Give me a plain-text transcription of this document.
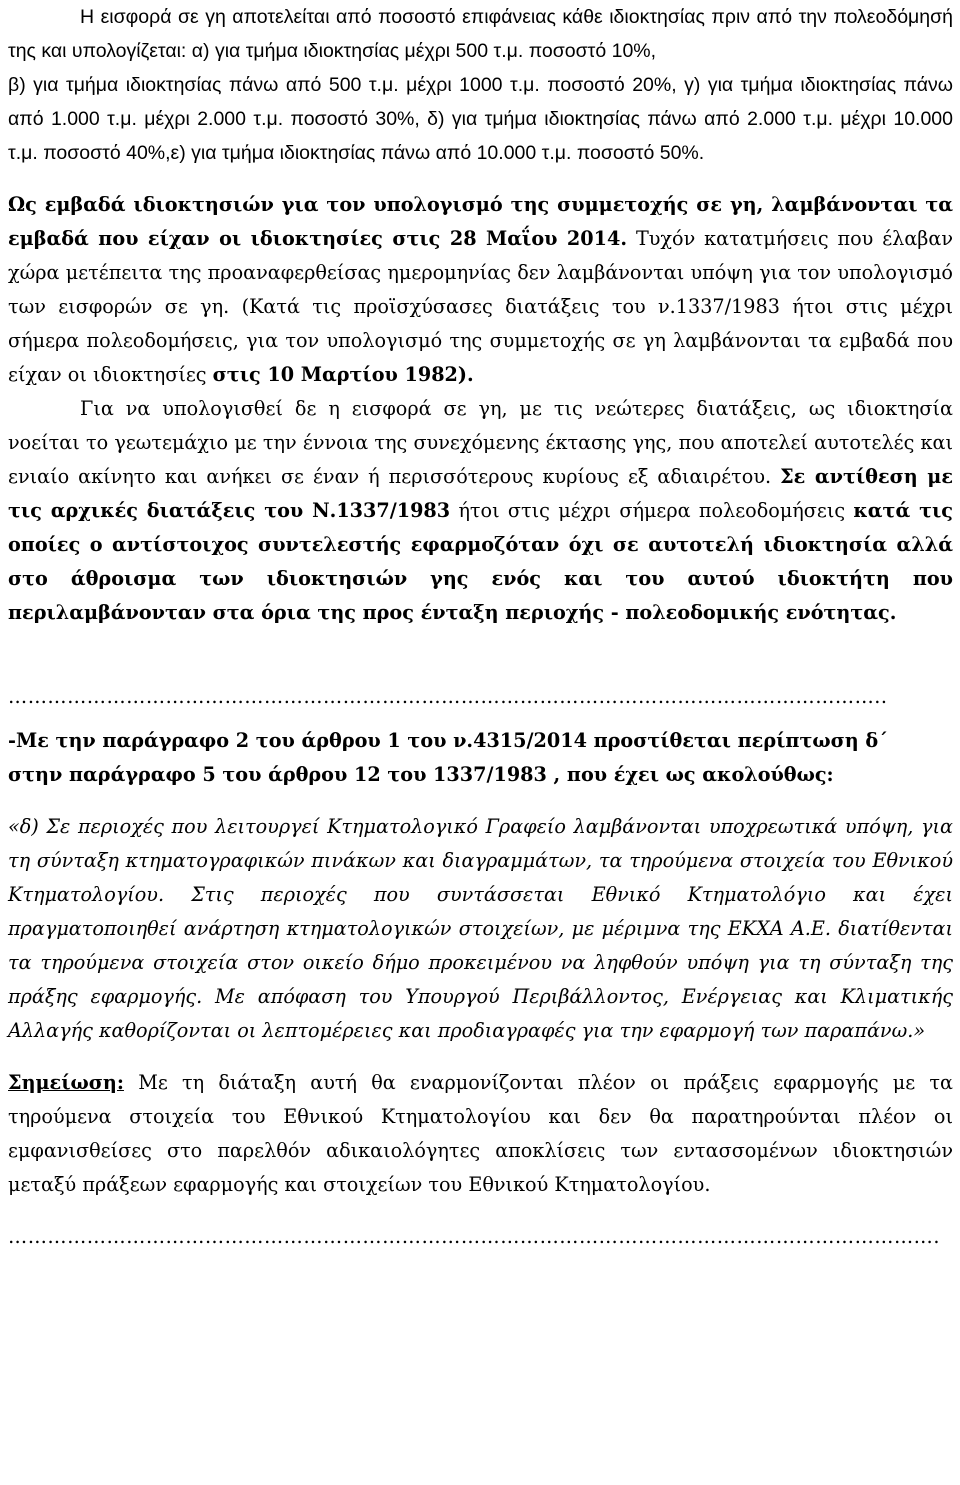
Η εισφορά σε γη αποτελείται από ποσοστό επιφάνειας κάθε ιδιοκτησίας πριν από την πολεοδόμησή της και υπολογίζεται: α) για τμήμα ιδιοκτησίας μέχρι 500 τ.μ. ποσοστό 10%,
β) για τμήμα ιδιοκτησίας πάνω από 500 τ.μ. μέχρι 1000 τ.μ. ποσοστό 20%, γ) για τμήμα ιδιοκτησίας πάνω από 1.000 τ.μ. μέχρι 2.000 τ.μ. ποσοστό 30%, δ) για τμήμα ιδιοκτησίας πάνω από 2.000 τ.μ. μέχρι 10.000 τ.μ. ποσοστό 40%,ε) για τμήμα ιδιοκτησίας πάνω από 10.000 τ.μ. ποσοστό 50%.

Ως εμβαδά ιδιοκτησιών για τον υπολογισμό της συμμετοχής σε γη, λαμβάνονται τα εμβαδά που είχαν οι ιδιοκτησίες στις 28 Μαΐου 2014. Τυχόν κατατμήσεις που έλαβαν χώρα μετέπειτα της προαναφερθείσας ημερομηνίας δεν λαμβάνονται υπόψη για τον υπολογισμό των εισφορών σε γη. (Κατά τις προϊσχύσασες διατάξεις του ν.1337/1983 ήτοι στις μέχρι σήμερα πολεοδομήσεις, για τον υπολογισμό της συμμετοχής σε γη λαμβάνονται τα εμβαδά που είχαν οι ιδιοκτησίες στις 10 Μαρτίου 1982).

Για να υπολογισθεί δε η εισφορά σε γη, με τις νεώτερες διατάξεις, ως ιδιοκτησία νοείται το γεωτεμάχιο με την έννοια της συνεχόμενης έκτασης γης, που αποτελεί αυτοτελές και ενιαίο ακίνητο και ανήκει σε έναν ή περισσότερους κυρίους εξ αδιαιρέτου. Σε αντίθεση με τις αρχικές διατάξεις του Ν.1337/1983 ήτοι στις μέχρι σήμερα πολεοδομήσεις κατά τις οποίες ο αντίστοιχος συντελεστής εφαρμοζόταν όχι σε αυτοτελή ιδιοκτησία αλλά στο άθροισμα των ιδιοκτησιών γης ενός και του αυτού ιδιοκτήτη που περιλαμβάνονταν στα όρια της προς ένταξη περιοχής - πολεοδομικής ενότητας.

……………………………………………………………………………………………………………………..

-Με την παράγραφο 2 του άρθρου 1 του ν.4315/2014 προστίθεται περίπτωση δ΄
στην παράγραφο 5 του άρθρου 12 του 1337/1983 , που έχει ως ακολούθως:

«δ) Σε περιοχές που λειτουργεί Κτηματολογικό Γραφείο λαμβάνονται υποχρεωτικά υπόψη, για τη σύνταξη κτηματογραφικών πινάκων και διαγραμμάτων, τα τηρούμενα στοιχεία του Εθνικού Κτηματολογίου. Στις περιοχές που συντάσσεται Εθνικό Κτηματολόγιο και έχει πραγματοποιηθεί ανάρτηση κτηματολογικών στοιχείων, με μέριμνα της ΕΚΧΑ Α.Ε. διατίθενται τα τηρούμενα στοιχεία στον οικείο δήμο προκειμένου να ληφθούν υπόψη για τη σύνταξη της πράξης εφαρμογής. Με απόφαση του Υπουργού Περιβάλλοντος, Ενέργειας και Κλιματικής Αλλαγής καθορίζονται οι λεπτομέρειες και προδιαγραφές για την εφαρμογή των παραπάνω.»

Σημείωση: Με τη διάταξη αυτή θα εναρμονίζονται πλέον οι πράξεις εφαρμογής με τα τηρούμενα στοιχεία του Εθνικού Κτηματολογίου και δεν θα παρατηρούνται πλέον οι εμφανισθείσες στο παρελθόν αδικαιολόγητες αποκλίσεις των εντασσομένων ιδιοκτησιών μεταξύ πράξεων εφαρμογής και στοιχείων του Εθνικού Κτηματολογίου.

…………………………………………………………………………………………………………………………….
